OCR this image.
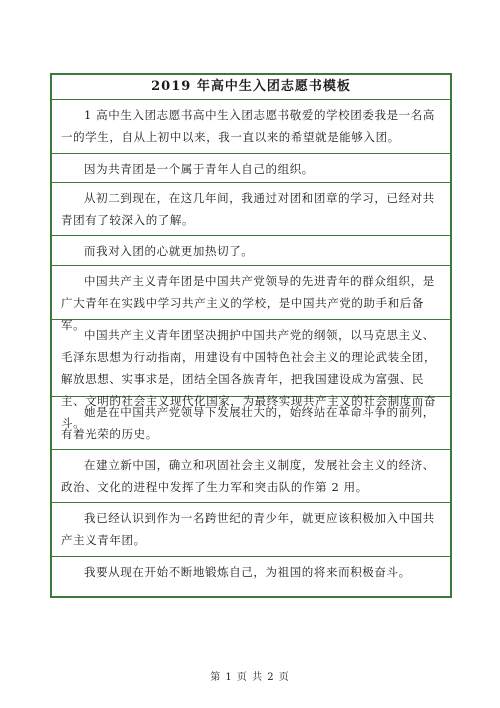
2019 年高中生入团志愿书模板
1 高中生入团志愿书高中生入团志愿书敬爱的学校团委我是一名高一的学生，自从上初中以来，我一直以来的希望就是能够入团。
因为共青团是一个属于青年人自己的组织。
从初二到现在，在这几年间，我通过对团和团章的学习，已经对共青团有了较深入的了解。
而我对入团的心就更加热切了。
中国共产主义青年团是中国共产党领导的先进青年的群众组织，是广大青年在实践中学习共产主义的学校，是中国共产党的助手和后备军。
中国共产主义青年团坚决拥护中国共产党的纲领，以马克思主义、毛泽东思想为行动指南，用建设有中国特色社会主义的理论武装全团，解放思想、实事求是，团结全国各族青年，把我国建设成为富强、民主、文明的社会主义现代化国家，为最终实现共产主义的社会制度而奋斗。
她是在中国共产党领导下发展壮大的，始终站在革命斗争的前列，有着光荣的历史。
在建立新中国，确立和巩固社会主义制度，发展社会主义的经济、政治、文化的进程中发挥了生力军和突击队的作第 2 用。
我已经认识到作为一名跨世纪的青少年，就更应该积极加入中国共产主义青年团。
我要从现在开始不断地锻炼自己，为祖国的将来而积极奋斗。
第 1 页 共 2 页
